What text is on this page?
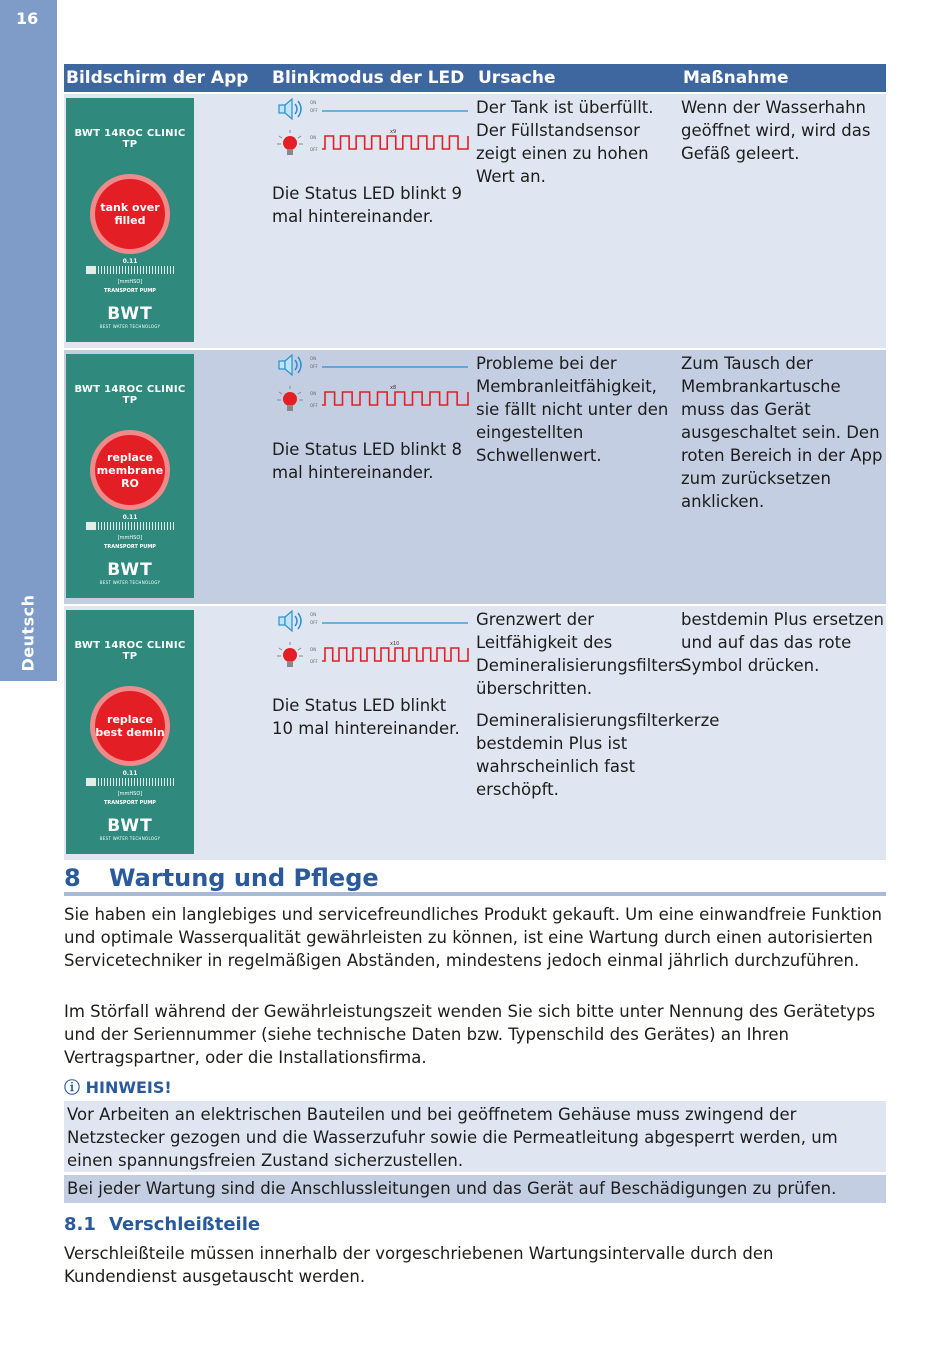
16
Deutsch
Bildschirm der App	Blinkmodus der LED Ursache	Maßnahme
BWT 14ROC CLINIC TP
tank over filled
0.11
[mmHSO]
TRANSPORT PUMP
BWT
BEST WATER TECHNOLOGY
ON
OFF
ON
OFF
x9
Die Status LED blinkt 9 mal hintereinander.

Der Tank ist überfüllt. Der Füllstandsensor zeigt einen zu hohen Wert an.

Wenn der Wasserhahn geöffnet wird, wird das Gefäß geleert.
BWT 14ROC CLINIC TP
replace membrane RO
0.11
[mmHSO]
TRANSPORT PUMP
BWT
BEST WATER TECHNOLOGY
ON
OFF
ON
OFF
x8
Die Status LED blinkt 8 mal hintereinander.

Probleme bei der Membranleitfähigkeit, sie fällt nicht unter den eingestellten Schwellenwert.

Zum Tausch der Membrankartusche muss das Gerät ausgeschaltet sein. Den roten Bereich in der App zum zurücksetzen anklicken.
BWT 14ROC CLINIC TP
replace best demin
0.11
[mmHSO]
TRANSPORT PUMP
BWT
BEST WATER TECHNOLOGY
ON
OFF
ON
OFF
x10
Die Status LED blinkt 10 mal hintereinander.

Grenzwert der Leitfähigkeit des Demineralisierungsfilters überschritten.

Demineralisierungsfilterkerze bestdemin Plus ist wahrscheinlich fast erschöpft.

bestdemin Plus ersetzen und auf das das rote Symbol drücken.
8 Wartung und Pflege
Sie haben ein langlebiges und servicefreundliches Produkt gekauft. Um eine einwandfreie Funktion und optimale Wasserqualität gewährleisten zu können, ist eine Wartung durch einen autorisierten Servicetechniker in regelmäßigen Abständen, mindestens jedoch einmal jährlich durchzuführen.
Im Störfall während der Gewährleistungszeit wenden Sie sich bitte unter Nennung des Gerätetyps und der Seriennummer (siehe technische Daten bzw. Typenschild des Gerätes) an Ihren Vertragspartner, oder die Installationsfirma.
ⓘ HINWEIS!
Vor Arbeiten an elektrischen Bauteilen und bei geöffnetem Gehäuse muss zwingend der Netzstecker gezogen und die Wasserzufuhr sowie die Permeatleitung abgesperrt werden, um einen spannungsfreien Zustand sicherzustellen.
Bei jeder Wartung sind die Anschlussleitungen und das Gerät auf Beschädigungen zu prüfen.
8.1 Verschleißteile
Verschleißteile müssen innerhalb der vorgeschriebenen Wartungsintervalle durch den Kundendienst ausgetauscht werden.
